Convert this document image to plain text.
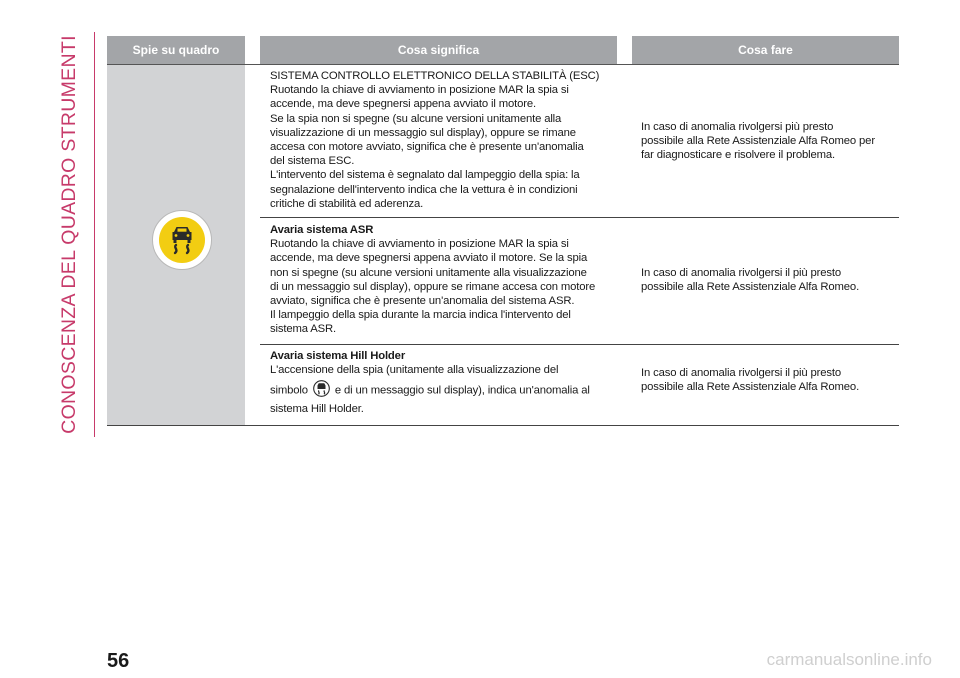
CONOSCENZA DEL QUADRO STRUMENTI	Spie su quadro	Cosa significa	Cosa fare
SISTEMA CONTROLLO ELETTRONICO DELLA STABILITÀ (ESC)
Ruotando la chiave di avviamento in posizione MAR la spia si
accende, ma deve spegnersi appena avviato il motore.
Se la spia non si spegne (su alcune versioni unitamente alla
visualizzazione di un messaggio sul display), oppure se rimane
accesa con motore avviato, significa che è presente un'anomalia
del sistema ESC.
L'intervento del sistema è segnalato dal lampeggio della spia: la
segnalazione dell'intervento indica che la vettura è in condizioni
critiche di stabilità ed aderenza.
In caso di anomalia rivolgersi più presto
possibile alla Rete Assistenziale Alfa Romeo per
far diagnosticare e risolvere il problema.
Avaria sistema ASR
Ruotando la chiave di avviamento in posizione MAR la spia si
accende, ma deve spegnersi appena avviato il motore. Se la spia
non si spegne (su alcune versioni unitamente alla visualizzazione
di un messaggio sul display), oppure se rimane accesa con motore
avviato, significa che è presente un'anomalia del sistema ASR.
Il lampeggio della spia durante la marcia indica l'intervento del
sistema ASR.
In caso di anomalia rivolgersi il più presto
possibile alla Rete Assistenziale Alfa Romeo.
Avaria sistema Hill Holder
L'accensione della spia (unitamente alla visualizzazione del
simbolo e di un messaggio sul display), indica un'anomalia al
sistema Hill Holder.
In caso di anomalia rivolgersi il più presto
possibile alla Rete Assistenziale Alfa Romeo.
56	carmanualsonline.info
